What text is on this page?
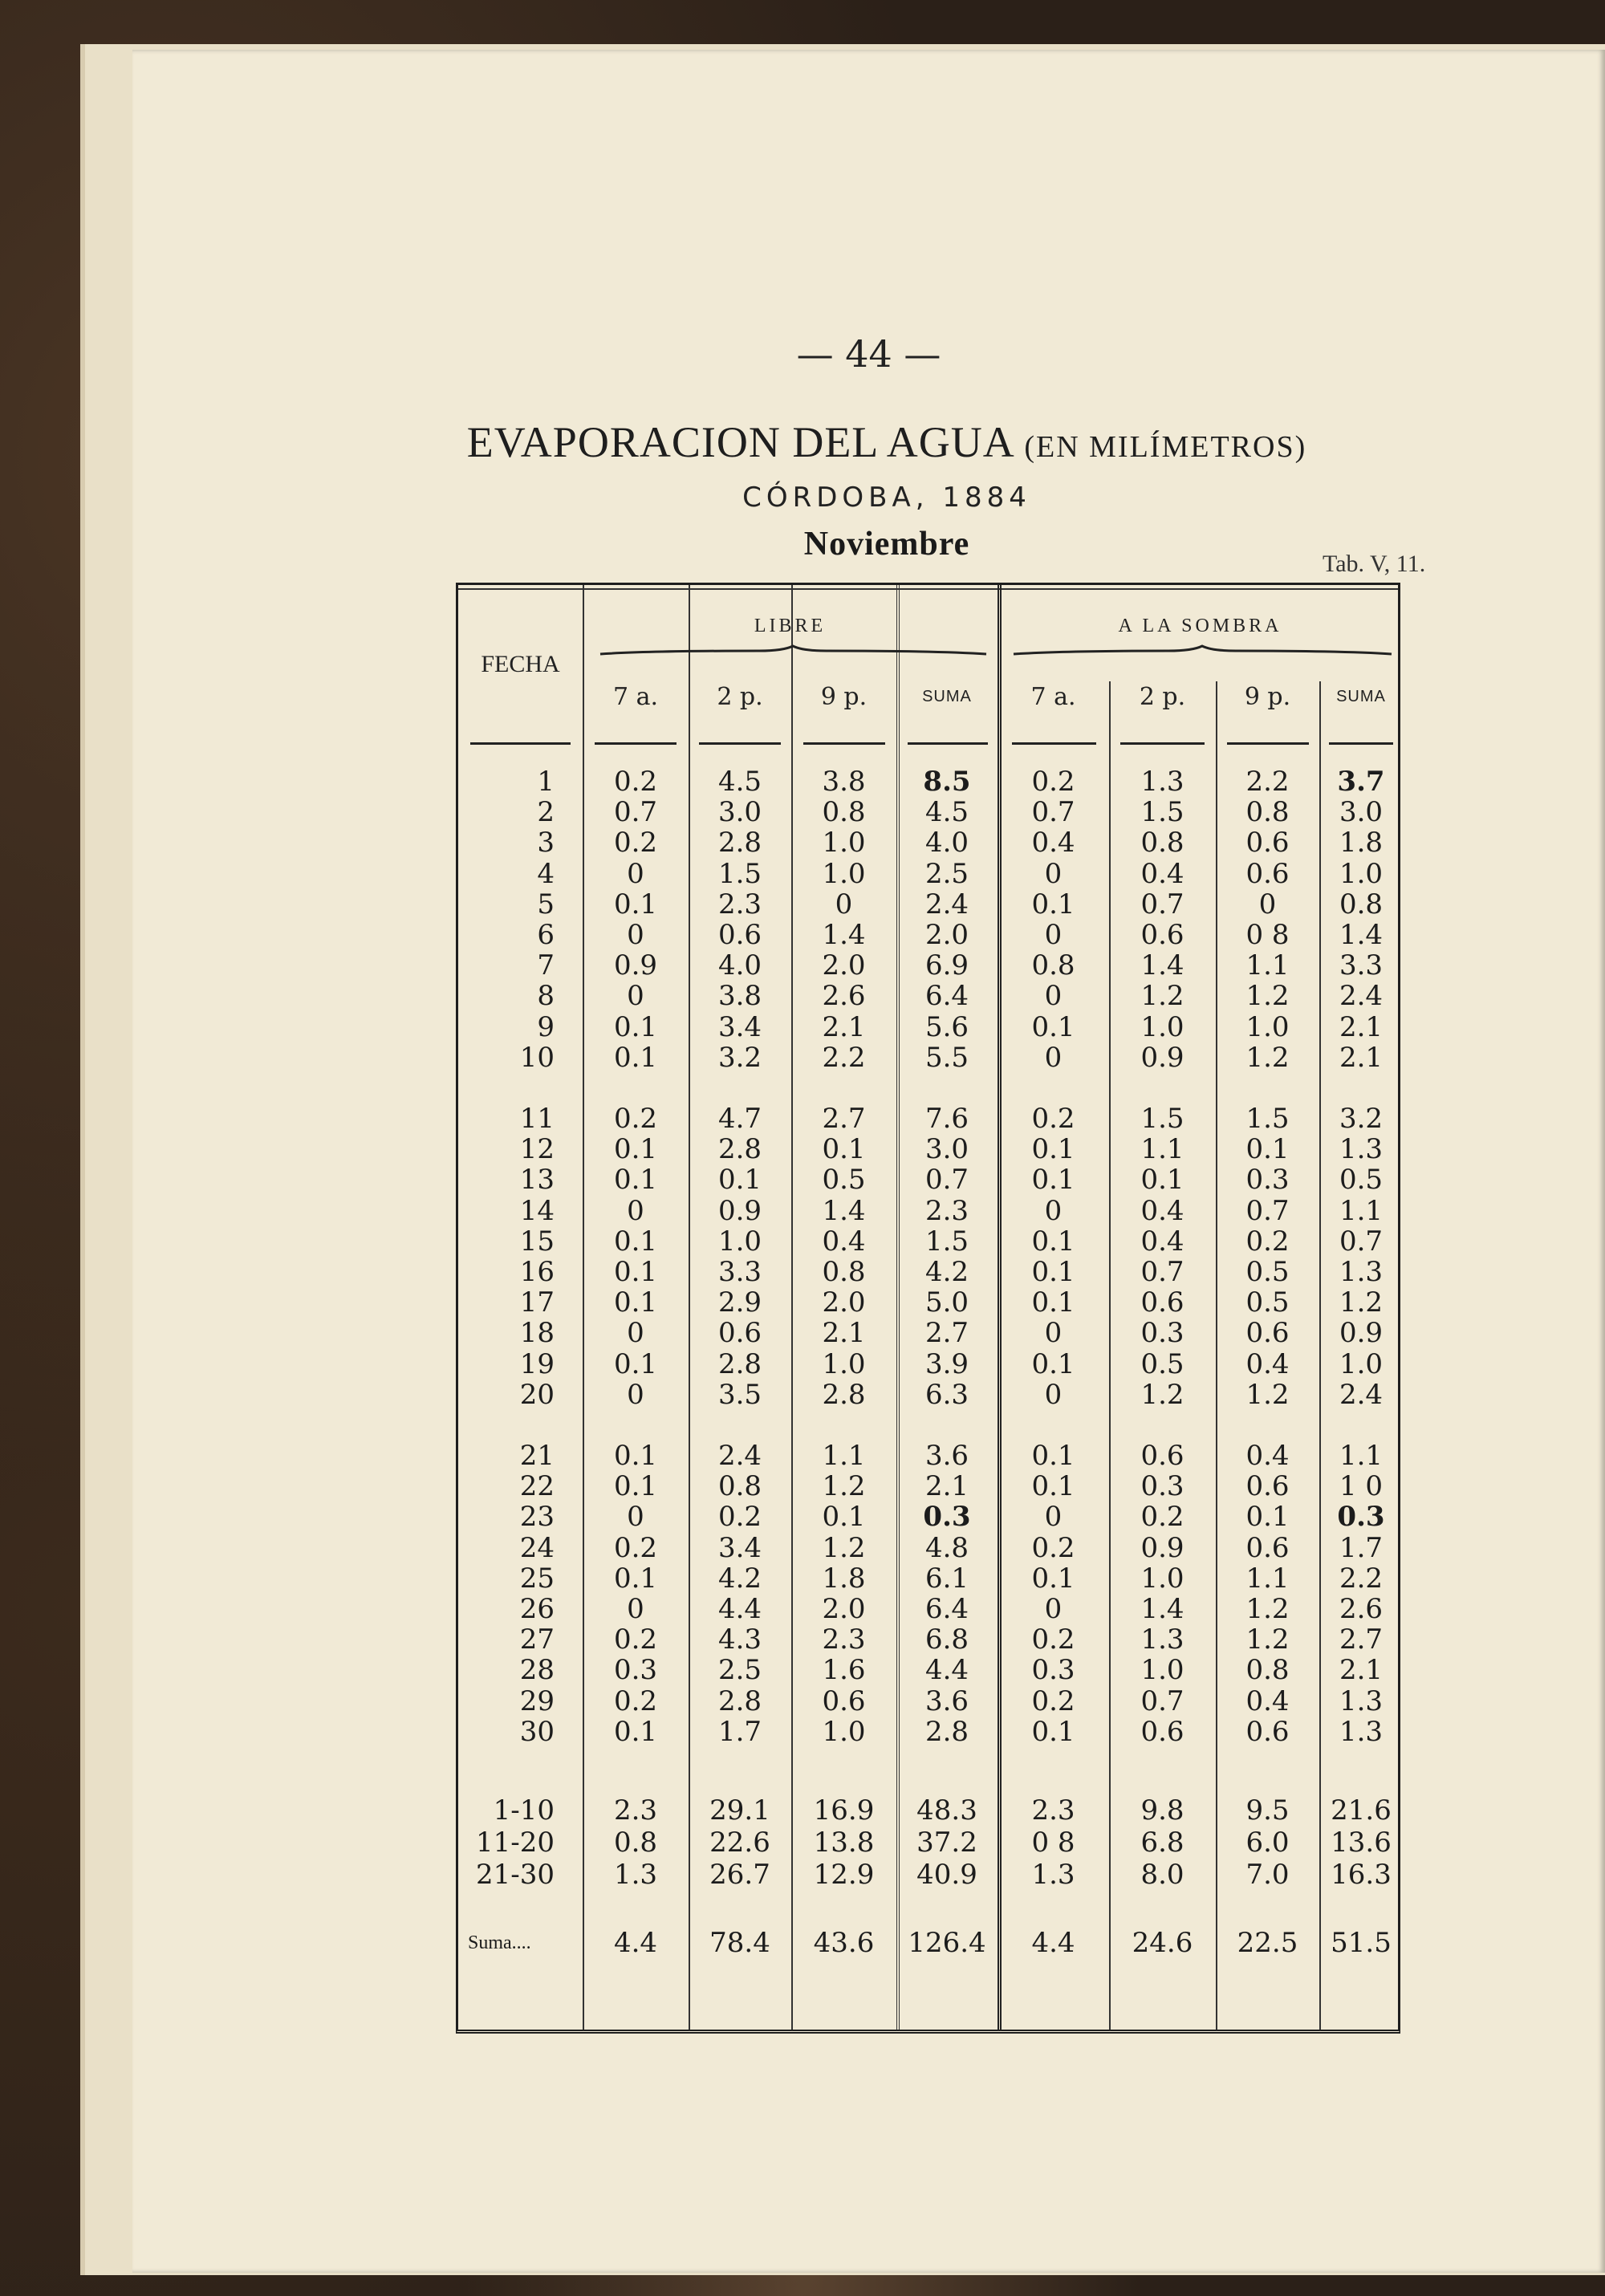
— 44 —
EVAPORACION DEL AGUA (EN MILÍMETROS)
CÓRDOBA, 1884
Noviembre
Tab. V, 11.
FECHA
LIBRE	A LA SOMBRA
7 a.	2 p.	9 p.	SUMA	7 a.	2 p.	9 p.	SUMA
1	0.2	4.5	3.8	8.5	0.2	1.3	2.2	3.7
2	0.7	3.0	0.8	4.5	0.7	1.5	0.8	3.0
3	0.2	2.8	1.0	4.0	0.4	0.8	0.6	1.8
4	0	1.5	1.0	2.5	0	0.4	0.6	1.0
5	0.1	2.3	0	2.4	0.1	0.7	0	0.8
6	0	0.6	1.4	2.0	0	0.6	0 8	1.4
7	0.9	4.0	2.0	6.9	0.8	1.4	1.1	3.3
8	0	3.8	2.6	6.4	0	1.2	1.2	2.4
9	0.1	3.4	2.1	5.6	0.1	1.0	1.0	2.1
10	0.1	3.2	2.2	5.5	0	0.9	1.2	2.1
11	0.2	4.7	2.7	7.6	0.2	1.5	1.5	3.2
12	0.1	2.8	0.1	3.0	0.1	1.1	0.1	1.3
13	0.1	0.1	0.5	0.7	0.1	0.1	0.3	0.5
14	0	0.9	1.4	2.3	0	0.4	0.7	1.1
15	0.1	1.0	0.4	1.5	0.1	0.4	0.2	0.7
16	0.1	3.3	0.8	4.2	0.1	0.7	0.5	1.3
17	0.1	2.9	2.0	5.0	0.1	0.6	0.5	1.2
18	0	0.6	2.1	2.7	0	0.3	0.6	0.9
19	0.1	2.8	1.0	3.9	0.1	0.5	0.4	1.0
20	0	3.5	2.8	6.3	0	1.2	1.2	2.4
21	0.1	2.4	1.1	3.6	0.1	0.6	0.4	1.1
22	0.1	0.8	1.2	2.1	0.1	0.3	0.6	1 0
23	0	0.2	0.1	0.3	0	0.2	0.1	0.3
24	0.2	3.4	1.2	4.8	0.2	0.9	0.6	1.7
25	0.1	4.2	1.8	6.1	0.1	1.0	1.1	2.2
26	0	4.4	2.0	6.4	0	1.4	1.2	2.6
27	0.2	4.3	2.3	6.8	0.2	1.3	1.2	2.7
28	0.3	2.5	1.6	4.4	0.3	1.0	0.8	2.1
29	0.2	2.8	0.6	3.6	0.2	0.7	0.4	1.3
30	0.1	1.7	1.0	2.8	0.1	0.6	0.6	1.3
1-10	2.3	29.1	16.9	48.3	2.3	9.8	9.5	21.6
11-20	0.8	22.6	13.8	37.2	0 8	6.8	6.0	13.6
21-30	1.3	26.7	12.9	40.9	1.3	8.0	7.0	16.3
Suma....	4.4	78.4	43.6	126.4	4.4	24.6	22.5	51.5
